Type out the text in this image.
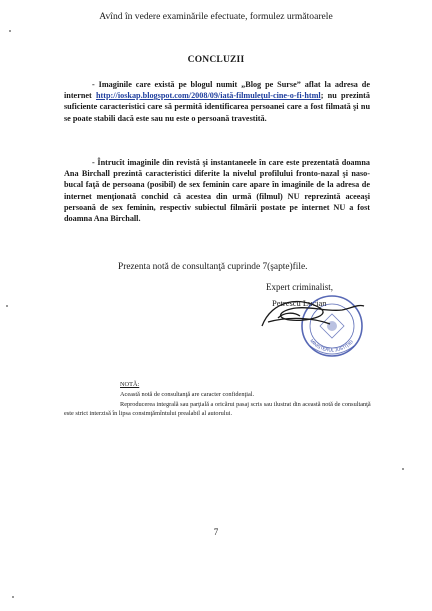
Avînd în vedere examinările efectuate, formulez următoarele
CONCLUZII
- Imaginile care există pe blogul numit „Blog pe Surse” aflat la adresa de internet http://ioskap.blogspot.com/2008/09/iată-filmuleţul-cine-o-fi-html; nu prezintă suficiente caracteristici care să permită identificarea persoanei care a fost filmată şi nu se poate stabili dacă este sau nu este o persoană travestită.
- Întrucît imaginile din revistă şi instantaneele în care este prezentată doamna Ana Birchall prezintă caracteristici diferite la nivelul profilului fronto-nazal şi naso-bucal faţă de persoana (posibil) de sex feminin care apare în imaginile de la adresa de internet menţionată conchid că acestea din urmă (filmul) NU reprezintă aceeaşi persoană de sex feminin, respectiv subiectul filmării postate pe internet NU a fost doamna Ana Birchall.
Prezenta notă de consultanţă cuprinde 7(şapte)file.
Expert criminalist,
Petrescu Lucian
MINISTERUL JUSTIŢIEI
NOTĂ:
Această notă de consultanţă are caracter confidenţial.
Reproducerea integrală sau parţială a oricărui pasaj scris sau ilustrat din această notă de consultanţă este strict interzisă în lipsa consimţămîntului prealabil al autorului.
7
